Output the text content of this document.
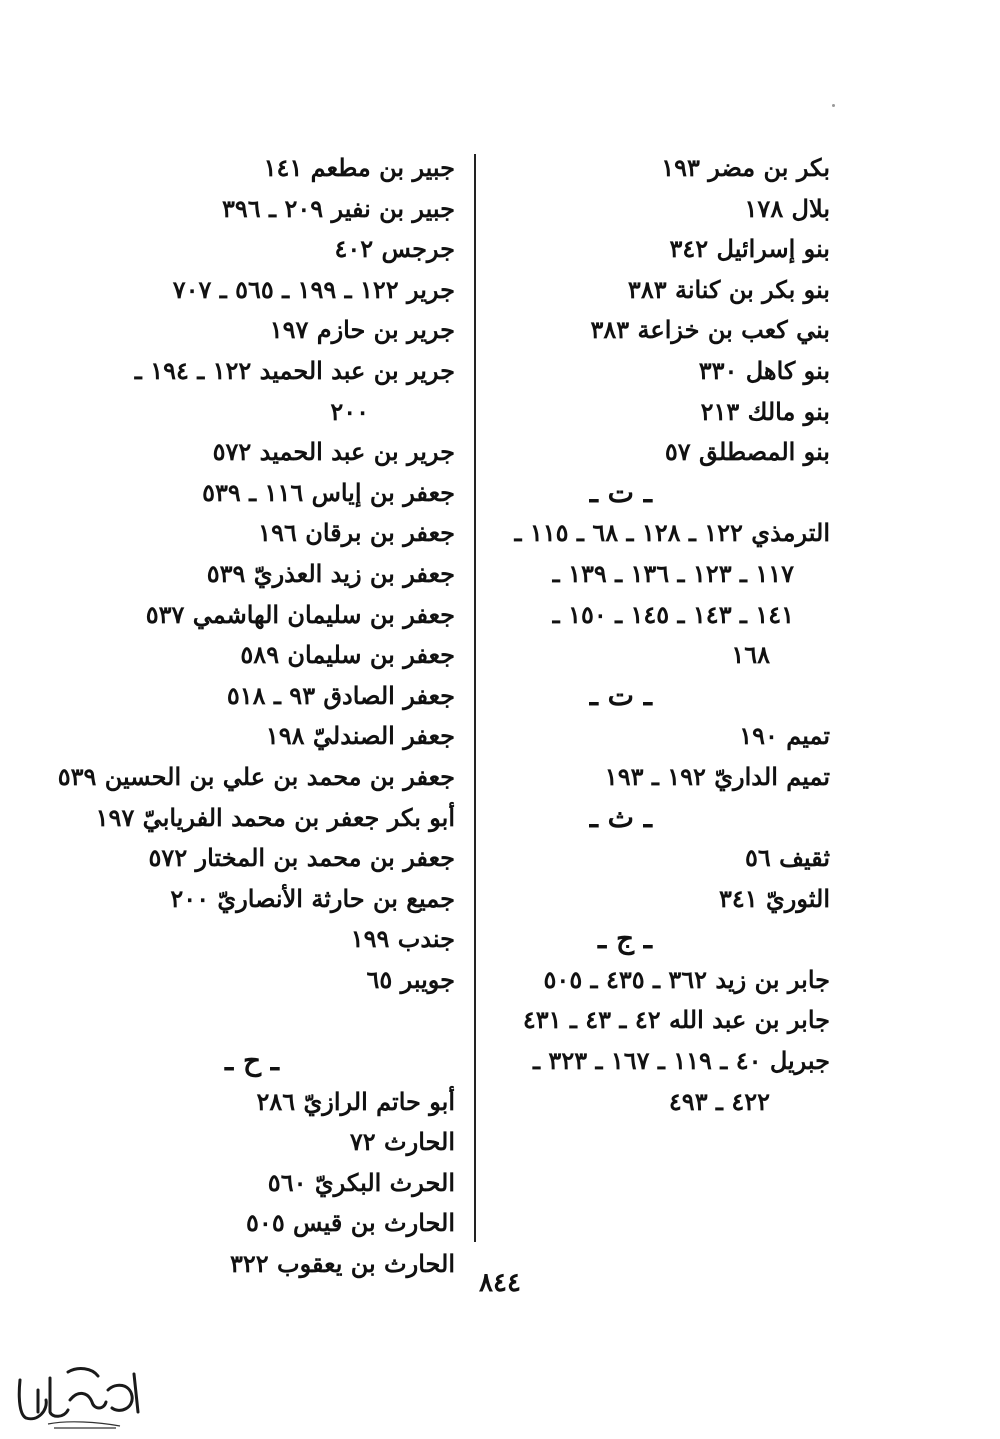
بكر بن مضر ١٩٣
بلال ١٧٨
بنو إسرائيل ٣٤٢
بنو بكر بن كنانة ٣٨٣
بني كعب بن خزاعة ٣٨٣
بنو كاهل ٣٣٠
بنو مالك ٢١٣
بنو المصطلق ٥٧
ـ ت ـ
الترمذي ١٢٢ ـ ١٢٨ ـ ٦٨ ـ ١١٥ ـ
١١٧ ـ ١٢٣ ـ ١٣٦ ـ ١٣٩ ـ
١٤١ ـ ١٤٣ ـ ١٤٥ ـ ١٥٠ ـ
١٦٨
ـ ت ـ
تميم ١٩٠
تميم الداريّ ١٩٢ ـ ١٩٣
ـ ث ـ
ثقيف ٥٦
الثوريّ ٣٤١
ـ ج ـ
جابر بن زيد ٣٦٢ ـ ٤٣٥ ـ ٥٠٥
جابر بن عبد الله ٤٢ ـ ٤٣ ـ ٤٣١
جبريل ٤٠ ـ ١١٩ ـ ١٦٧ ـ ٣٢٣ ـ
٤٢٢ ـ ٤٩٣
جبير بن مطعم ١٤١
جبير بن نفير ٢٠٩ ـ ٣٩٦
جرجس ٤٠٢
جرير ١٢٢ ـ ١٩٩ ـ ٥٦٥ ـ ٧٠٧
جرير بن حازم ١٩٧
جرير بن عبد الحميد ١٢٢ ـ ١٩٤ ـ
٢٠٠
جرير بن عبد الحميد ٥٧٢
جعفر بن إياس ١١٦ ـ ٥٣٩
جعفر بن برقان ١٩٦
جعفر بن زيد العذريّ ٥٣٩
جعفر بن سليمان الهاشمي ٥٣٧
جعفر بن سليمان ٥٨٩
جعفر الصادق ٩٣ ـ ٥١٨
جعفر الصندليّ ١٩٨
جعفر بن محمد بن علي بن الحسين ٥٣٩
أبو بكر جعفر بن محمد الفريابيّ ١٩٧
جعفر بن محمد بن المختار ٥٧٢
جميع بن حارثة الأنصاريّ ٢٠٠
جندب ١٩٩
جويبر ٦٥
ـ ح ـ
أبو حاتم الرازيّ ٢٨٦
الحارث ٧٢
الحرث البكريّ ٥٦٠
الحارث بن قيس ٥٠٥
الحارث بن يعقوب ٣٢٢
٨٤٤
